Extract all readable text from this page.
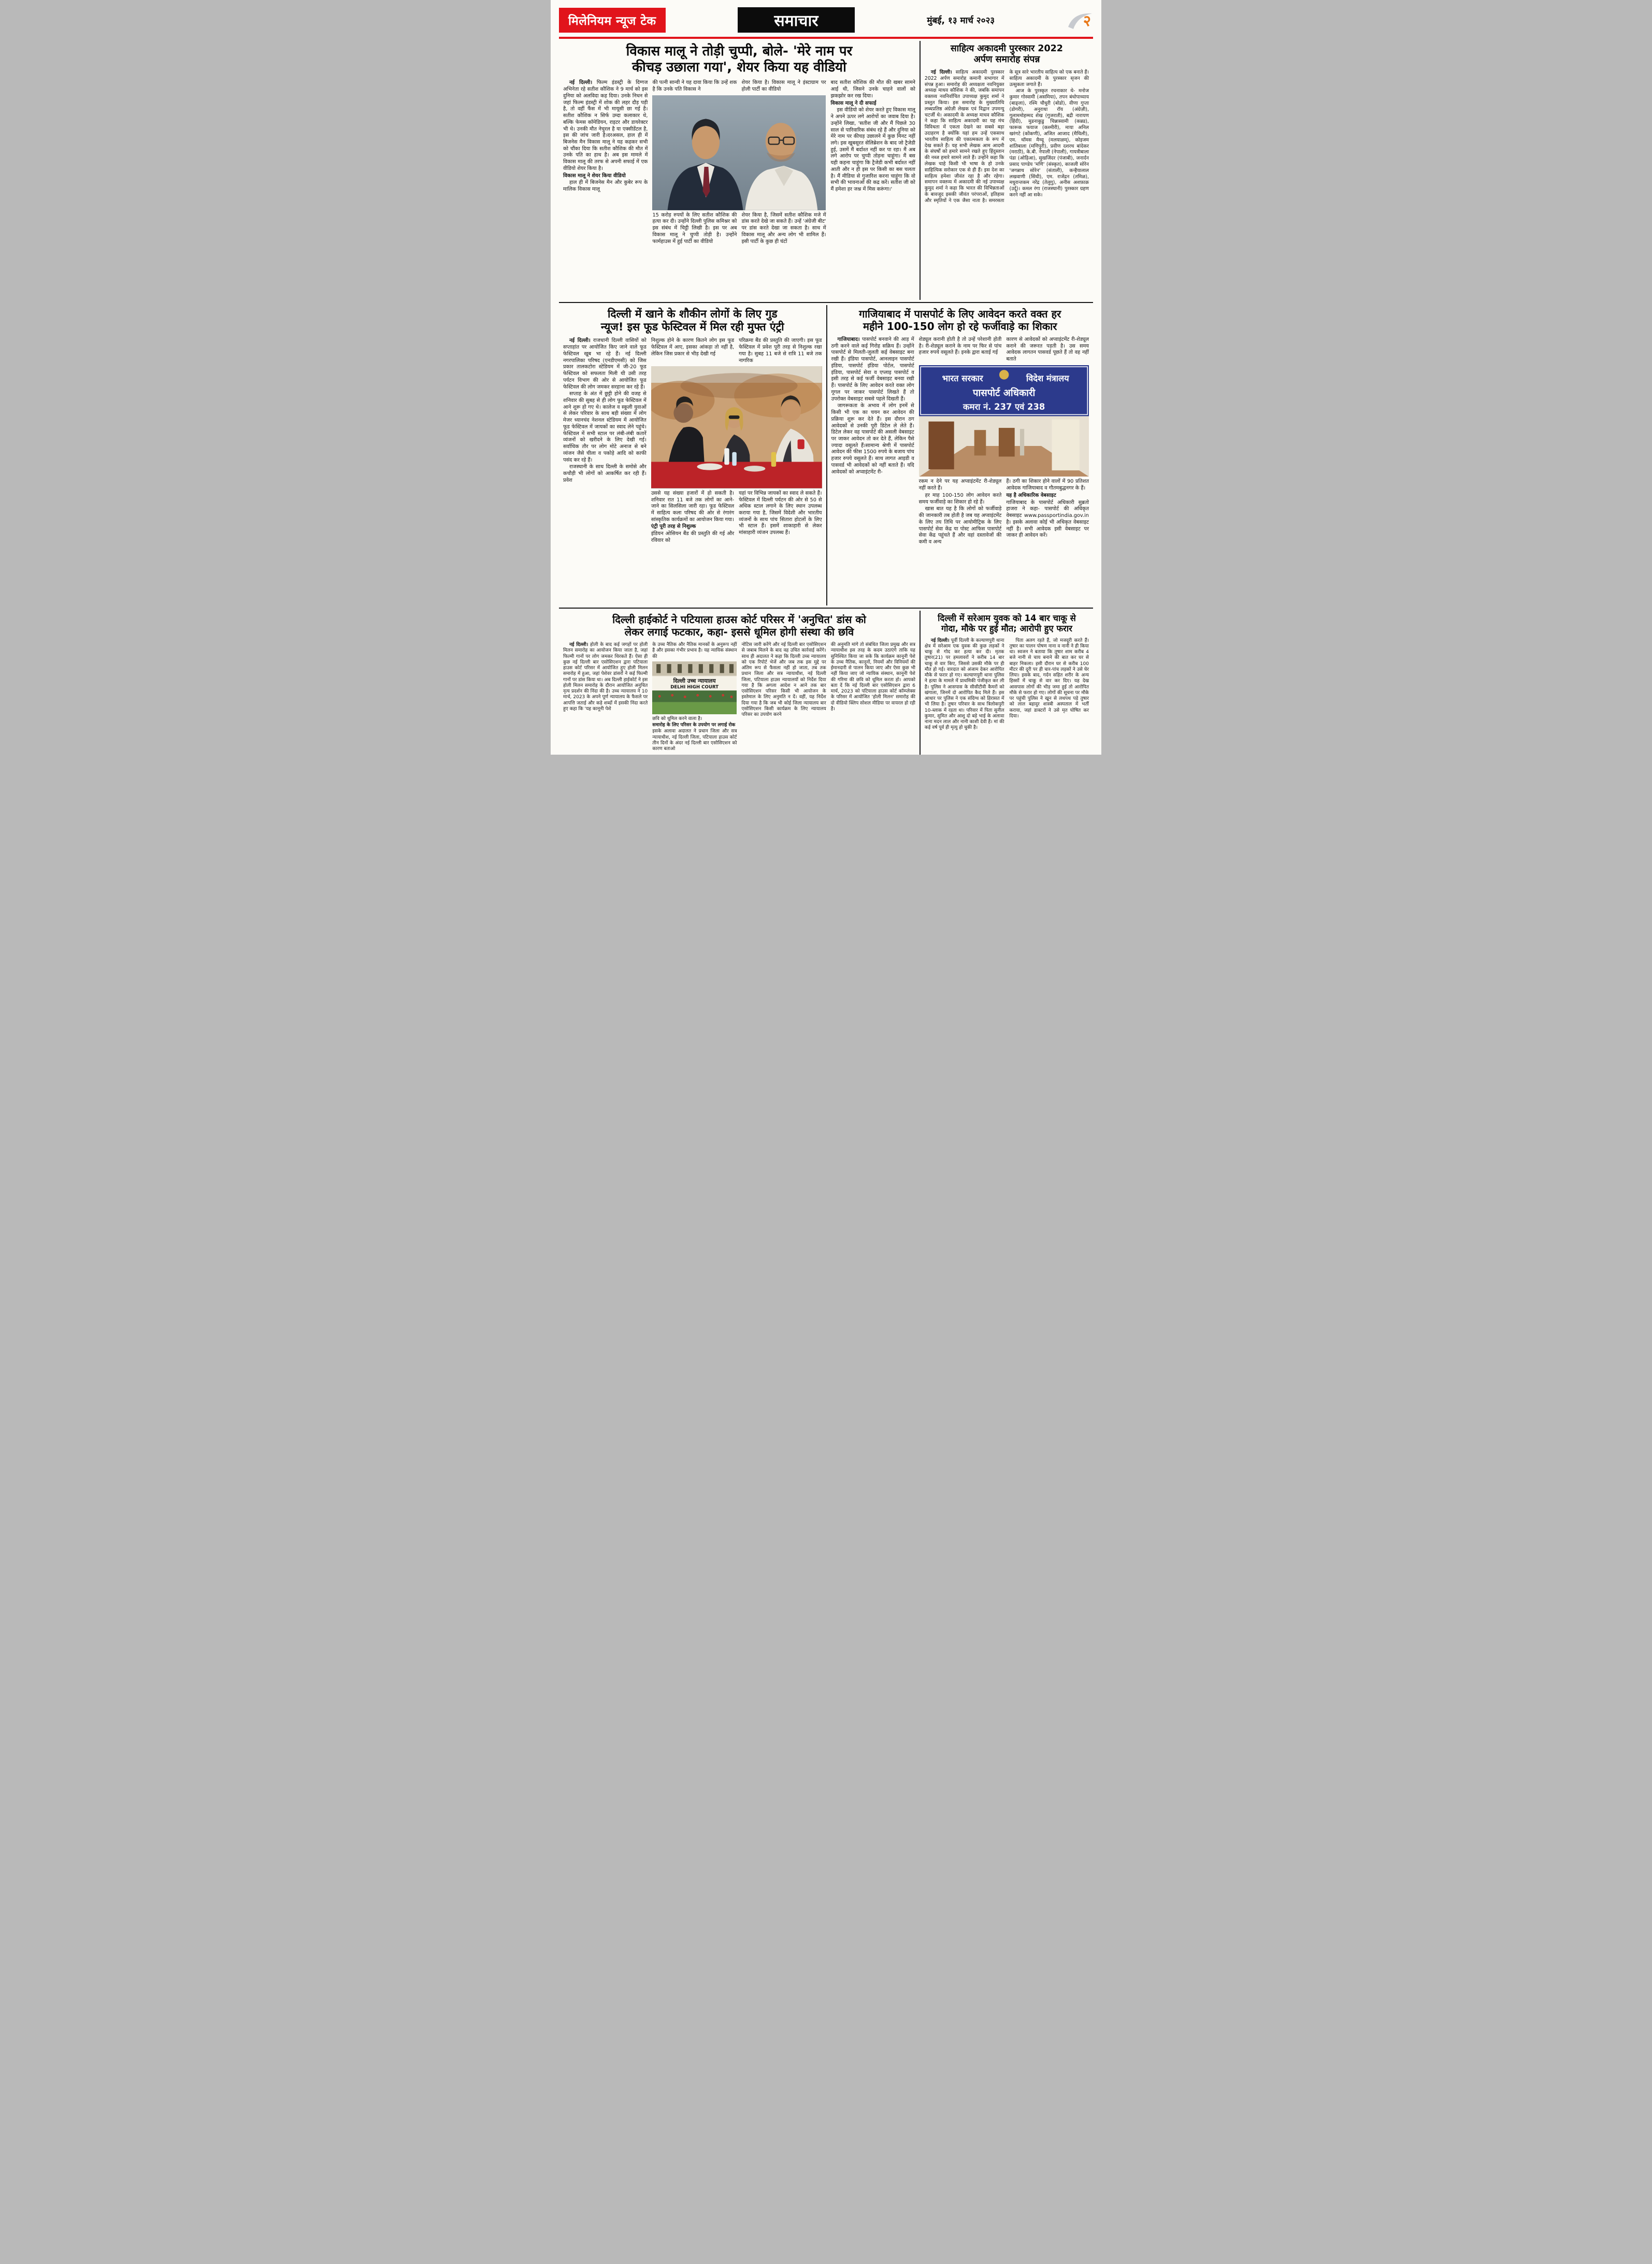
मिलेनियम न्यूज टेक	समाचार	मुंबई, १३ मार्च २०२३	२
विकास मालू ने तोड़ी चुप्पी, बोले- 'मेरे नाम पर
कीचड़ उछाला गया', शेयर किया यह वीडियो

नई दिल्ली। फिल्म इंडस्ट्री के दिग्गज अभिनेता रहे सतीश कौशिक ने 9 मार्च को इस दुनिया को अलविदा कह दिया। उनके निधन से जहां फिल्म इंडस्ट्री में शोक की लहर दौड़ पड़ी है, तो वहीं फैंस में भी मायूसी छा गई है। सतीश कौशिक न सिर्फ उम्दा कलाकार थे, बल्कि फेमस कॉमेडियन, राइटर और डायरेक्टर भी थे। उनकी मौत नेचुरल है या एक्सीडेंटल है, इस की जांच जारी है।दरअसल, हाल ही में बिजनेस मैन विकास मालू ने यह कहकर सभी को चौंका दिया कि सतीश कौशिक की मौत में उनके पति का हाथ है। अब इस मामले में विकास मालू की तरफ से अपनी सफाई में एक वीडियो शेयर किया है।

विकास मालू ने शेयर किया वीडियो

हाल ही में बिजनेस मैन और कुबेर रूप के मालिक विकास मालू

की पत्नी सान्वी ने यह दावा किया कि उन्हें शक है कि उनके पति विकास ने

शेयर किया है। विकास मालू ने इंस्टाग्राम पर होली पार्टी का वीडियो

15 करोड़ रुपयों के लिए सतीश कौशिक की हत्या कर दी। उन्होंने दिल्ली पुलिस कमिश्नर को इस संबंध में चिट्ठी लिखी है। इस पर अब विकास मालू ने चुप्पी तोड़ी है। उन्होंने फार्महाउस में हुई पार्टी का वीडियो

शेयर किया है, जिसमें सतीश कौशिक मजे में डांस करते देखे जा सकते हैं। उन्हें 'अंग्रेजी बीट' पर डांस करते देखा जा सकता है। साथ में विकास मालू और अन्य लोग भी शामिल हैं। इसी पार्टी के कुछ ही घंटों

बाद सतीश कौशिक की मौत की खबर सामने आई थी, जिसने उनके चाहने वालों को झकझोर कर रख दिया।

विकास मालू ने दी सफाई

इस वीडियो को शेयर करते हुए विकास मालू ने अपने ऊपर लगे आरोपों का जवाब दिया है। उन्होंने लिखा, 'सतीश जी और मैं पिछले 30 साल से पारिवारिक संबंध रहे हैं और दुनिया को मेरे नाम पर कीचड़ उछालने में कुछ मिनट नहीं लगे। इस खूबसूरत सेलिब्रेशन के बाद जो ट्रैजेडी हुई, उसमें मैं बर्दाश्त नहीं कर पा रहा। मैं अब लगे आरोप पर चुप्पी तोड़ना चाहूंगा। मैं बस यही कहना चाहूंगा कि ट्रैजेडी कभी बर्दाश्त नहीं आती और न ही इस पर किसी का बस चलता है। मैं मीडिया से गुजारिश करना चाहूंगा कि वो सभी की भावनाओं की कद्र करें। सतीश जी को मैं हमेशा हर जश्न में मिस करूंगा।'

साहित्य अकादमी पुरस्कार 2022
अर्पण समारोह संपन्न

नई दिल्ली। साहित्य अकादमी पुरस्कार 2022 अर्पण समारोह कमानी सभागार में संपन्न हुआ। समारोह की अध्यक्षता नवनियुक्त अध्यक्ष माधव कौशिक ने की, जबकि समापन वक्तव्य नवनिर्वाचित उपाध्यक्ष कुमुद शर्मा ने प्रस्तुत किया। इस समारोह के मुख्यातिथि लब्धप्रतिष्ठ अंग्रेज़ी लेखक एवं विद्वान उपमन्यु चटर्जी थे। अकादमी के अध्यक्ष माधव कौशिक ने कहा कि साहित्य अकादमी का यह मंच विविधता में एकता देखने का सबसे बड़ा उदाहरण है क्योंकि यहां हम उन्हें एकसाथ भारतीय साहित्य की एकात्मकता के रूप में देख सकते हैं। यह सभी लेखक आम आदमी के संघर्षों को हमारे सामने रखते हुए हिंदुस्तान की नब्ज हमारे सामने लाते हैं। उन्होंने कहा कि लेखक चाहे किसी भी भाषा के हो उनके साहित्यिक सरोकार एक से ही हैं। इस देश का साहित्य हमेशा जीवंत रहा है और रहेगा। समापन वक्तव्य में अकादमी की नई उपाध्यक्ष कुमुद शर्मा ने कहा कि भारत की विभिन्नताओं के बावजूद इसकी जीवंत परंपराओं, इतिहास और स्मृतियों ने एक जैसा नाता है। समरसता के सूत्र सारे भारतीय साहित्य को एक बनाते हैं। साहित्य अकादमी के पुरस्कार सृजन की उत्सुकता जगाते हैं।

आज के पुरस्कृत रचनाकार थे- मनोज कुमार गोस्वामी (असमिया), तपन बंधोपाध्याय (बाङ्ला), रश्मि चौधुरी (बोडो), वीणा गुप्ता (डोगरी), अनुराधा रॉय (अंग्रेज़ी), गुलाममोहम्मद शेख (गुजराती), बद्री नारायण (हिंदी), मुडनाकुडु चिन्नास्वामी (कन्नड), फारूक फयाज (कश्मीरी), माया अनिल खरंगटे (कोंकणी), अजित आजाद (मैथिली), एम. थॉमस मैथ्यू (मलयाळम्), कोइजम शांतिबाला (मणिपुरी), प्रवीण दशरथ बांदेकर (मराठी), के.बी. नेपाली (नेपाली), गायत्रीबाला पंडा (ओड़िआ), सुखजिंदर (पंजाबी), जनार्दन प्रसाद पाण्डेय 'मणि' (संस्कृत), काजली सोरेन 'जगन्नाथ सोरेन' (संताली), कन्हैयालाल लखवाणी (सिंधी), एम. राजेंद्रन (तमिळ), मधुरान्तकम नरेंद्र (तेलुगु), अनीस अशफ़ाक़ (उर्दू)। कमल रंगा (राजस्थानी) पुरस्कार ग्रहण करने नहीं आ सके।

दिल्ली में खाने के शौकीन लोगों के लिए गुड
न्यूज! इस फूड फेस्टिवल में मिल रही मुफ्त एंट्री

नई दिल्ली। राजधानी दिल्ली वासियों को सप्ताहांत पर आयोजित किए जाने वाले फूड फेस्टिवल खूब भा रहे हैं। नई दिल्ली नगरपालिका परिषद (एनडीएमसी) को जिस प्रकार तालकटोरा स्टेडियम में जी-20 फूड फेस्टिवल को सफलता मिली थी उसी तरह पर्यटन विभाग की ओर से आयोजित फूड फेस्टिवल की लोग जमकर सरहाना कर रहे हैं।

सप्ताह के अंत में छुट्टी होने की वजह से शनिवार की सुबह से ही लोग फूड फेस्टिवल में आने शुरू हो गए थे। कालेज व स्कूली युवाओं से लेकर परिवार के साथ बड़ी संख्या में लोग मेजर ध्यानचंद नेशनल स्टेडियम में आयोजित फूड फेस्टिवल में जायकों का स्वाद लेने पहुंचे। फेस्टिवल में सभी स्टाल पर लंबी-लंबी कतारें व्यंजनों को खरीदने के लिए देखी गई। सर्वाधिक तौर पर लोग मोटे अनाज से बने व्यंजन जैसे चीला व पकोड़े आदि को काफी पसंद कर रहे हैं।

राजस्थानी के साथ दिल्ली के समोसे और कचौड़ी भी लोगों को आकर्षित कर रही हैं। प्रवेश

निशुल्क होने के कारण कितने लोग इस फूड फेस्टिवल में आए, इसका आंकड़ा तो नहीं है, लेकिन जिस प्रकार से भीड़ देखी गई

परिक्रमा बैंड की प्रस्तुति की जाएगी। इस फूड फेस्टिवल में प्रवेश पूरी तरह से निशुल्क रखा गया है। सुबह 11 बजे से रात्रि 11 बजे तक नागरिक

उससे यह संख्या हजारों में हो सकती है। शनिवार रात 11 बजे तक लोगों का आने-जाने का सिलसिला जारी रहा। फूड फेस्टिवल में साहित्य कला परिषद की ओर से रंगारंग सांस्कृतिक कार्यक्रमों का आयोजन किया गया।

एंट्री पूरी तरह से निशुल्क

इंडियन ओसियन बैंड की प्रस्तुति की गई और रविवार को

यहां पर विभिन्न जायकों का स्वाद ले सकते हैं। फेस्टिवल में दिल्ली पर्यटन की ओर से 50 से अधिक स्टाल लगाने के लिए स्थान उपलब्ध कराया गया है, जिसमें विदेशी और भारतीय व्यंजनों के साथ पांच सितारा होटलों के लिए भी स्टाल हैं। इसमें शाकाहारी से लेकर मांसाहारी व्यंजन उपलब्ध हैं।

गाजियाबाद में पासपोर्ट के लिए आवेदन करते वक्त हर
महीने 100-150 लोग हो रहे फर्जीवाड़े का शिकार

गाजियाबाद। पासपोर्ट बनवाने की आड़ में ठगी करने वाले कई गिरोह सक्रिय हैं। उन्होंने पासपोर्ट से मिलती-जुलती कई वेबसाइट बना रखी हैं। इंडिया पासपोर्ट, आनलाइन पासपोर्ट इंडिया, पासपोर्ट इंडिया पोर्टल, पासपोर्ट इंडिया, पासपोर्ट सेवा व एप्लाइ पासपोर्ट व इसी तरह से कई फर्जी वेबसाइट बनवा रखी हैं। पासपोर्ट के लिए आवेदन करते वक्त लोग गूगल पर जाकर पासपोर्ट लिखते हैं तो उपरोक्त वेबसाइट सबसे पहले दिखती हैं।

जागरूकता के अभाव में लोग इनमें से किसी भी एक का चयन कर आवेदन की प्रक्रिया शुरू कर देते हैं। इस दौरान ठग आवेदकों से उनकी पूरी डिटेल ले लेते हैं। डिटेल लेकर वह पासपोर्ट की असली वेबसाइट पर जाकर आवेदन तो कर देते हैं, लेकिन पैसे ज्यादा वसूलते हैं।सामान्य श्रेणी में पासपोर्ट आवेदन की फीस 1500 रुपये के बजाय पांच हजार रुपये वसूलते हैं। साथ लागत आइडी व पासवर्ड भी आवेदकों को नहीं बताते हैं। यदि आवेदकों को अप्वाइंटमेंट री-

शेड्यूल करानी होती है तो उन्हें परेशानी होती है। री-शेड्यूल कराने के नाम पर फिर से पांच हजार रुपये वसूलते हैं। इनके द्वारा बताई गई

कारण से आवेदकों को अप्वाइंटमेंट री-शेड्यूल कराने की जरूरत पड़ती है। उस समय आवेदक लागतन पासवर्ड पूछते हैं तो वह नहीं बताते

भारत सरकार	विदेश मंत्रालय
पासपोर्ट अधिकारी
कमरा नं. 237 एवं 238

रकम न देने पर यह अप्वाइंटमेंट री-शेड्यूल नहीं करते हैं।

हर माह 100-150 लोग आवेदन करते समय फर्जीवाड़े का शिकार हो रहे हैं।

खास बात यह है कि लोगों को फर्जीवाड़े की जानकारी तब होती है जब यह अप्वाइंटमेंट के लिए तय तिथि पर आयोमीट्रिक के लिए पासपोर्ट सेवा केंद्र या पोस्ट आफिस पासपोर्ट सेवा केंद्र पहुंचते हैं और वहां दस्तावेजों की कमी व अन्य

हैं। ठगी का शिकार होने वालों में 90 प्रतिशत आवेदक गाजियाबाद व गौतमबुद्धनगर के हैं।

यह है अधिकारिक वेबसाइट

गाजियाबाद के पासपोर्ट अधिकारी सुब्रतो हाजरा ने कहा- पासपोर्ट की अधिकृत वेबसाइट www.passportindia.gov.in है। इसके अलावा कोई भी अधिकृत वेबसाइट नहीं है। सभी आवेदक इसी वेबसाइट पर जाकर ही आवेदन करें।

दिल्ली हाईकोर्ट ने पटियाला हाउस कोर्ट परिसर में 'अनुचित' डांस को
लेकर लगाई फटकार, कहा- इससे धूमिल होगी संस्था की छवि

नई दिल्ली। होली के बाद कई जगहों पर होली मिलन समारोह का आयोजन किया जाता है, जहां फिल्मी गानों पर लोग जमकर थिरकते हैं। ऐसा ही कुछ नई दिल्ली बार एसोसिएशन द्वारा पटियाला हाउस कोर्ट परिसर में आयोजित हुए होली मिलन समारोह में हुआ, जहां पेशेवर डांसरों ने कई फिल्मी गानों पर डांस किया था। अब दिल्ली हाईकोर्ट ने इस होली मिलन समारोह के दौरान आयोजित अनुचित नृत्य प्रदर्शन की निंदा की है। उच्च न्यायालय ने 10 मार्च, 2023 के अपने पूर्ण न्यायालय के फैसले पर आपत्ति जताई और कड़े शब्दों में इसकी निंदा करते हुए कहा कि 'यह कानूनी पेशे

के उच्च नैतिक और नैतिक मानकों के अनुरूप नहीं है और इसका गंभीर प्रभाव है। यह न्यायिक संस्थान की

दिल्ली उच्च न्यायालय
DELHI HIGH COURT

छवि को धूमिल करने वाला है।

समारोह के लिए परिसर के उपयोग पर लगाई रोक

इसके अलावा अदालत ने प्रधान जिला और सत्र न्यायाधीश, नई दिल्ली जिला, पटियाला हाउस कोर्ट तीन दिनों के अंदर नई दिल्ली बार एसोसिएशन को कारण बताओ

नोटिस जारी करेंगे और नई दिल्ली बार एसोसिएशन से जबाब मिलने के बाद वह उचित कार्रवाई करेंगे। साथ ही अदालत ने कहा कि दिल्ली उच्च न्यायालय को एक रिपोर्ट भेजें और जब तक इस मुद्दे पर अंतिम रूप से फैसला नहीं हो जाता, तब तक प्रधान जिला और सत्र न्यायाधीश, नई दिल्ली जिला, पटियाला हाउस न्यायालयों को निर्देश दिया गया है कि अगला आदेश न आने तक बार एसोसिएशन परिसर किसी भी आयोजन के इस्तेमाल के लिए अनुमति न दें। वहीं, यह निर्देश दिया गया है कि जब भी कोई जिला न्यायालय बार एसोसिएशन किसी कार्यक्रम के लिए न्यायालय परिसर का उपयोग करने

की अनुमति मांगे तो संबंधित जिला प्रमुख और सत्र न्यायाधीश इस तरह के कदम उठाएंगे ताकि यह सुनिश्चित किया जा सके कि कार्यक्रम कानूनी पेशे के उच्च नैतिक, कानूनों, नियमों और विनियमों की ईमानदारी से पालन किया जाए और ऐसा कुछ भी नहीं किया जाए जो न्यायिक संस्थान, कानूनी पेशे की गरिमा की छवि को धूमिल करता हो। आपको बता दें कि नई दिल्ली बार एसोसिएशन द्वारा 6 मार्च, 2023 को पटियाला हाउस कोर्ट कॉम्प्लेक्स के परिसर में आयोजित 'होली मिलन' समारोह की दो वीडियो क्लिप सोशल मीडिया पर वायरल हो रही है।

दिल्ली में सरेआम युवक को 14 बार चाकू से
गोदा, मौके पर हुई मौत; आरोपी हुए फरार

नई दिल्ली। पूर्वी दिल्ली के कल्याणपुरी थाना क्षेत्र में सरेआम एक युवक की कुछ लड़कों ने चाकू से गोद कर हत्या कर दी। मृतक तुषार(21) पर हमलावरों ने करीब 14 बार चाकू से वार किए, जिससे उसकी मौके पर ही मौत हो गई। वारदात को अंजाम देकर आरोपित मौके से फरार हो गए। कल्याणपुरी थाना पुलिस ने हत्या के मामले में प्राथमिकी पंजीकृत कर ली है। पुलिस ने आसपास के सीसीटीवी कैमरों को खंगाला, जिनमें दो आरोपित कैद मिले हैं। इस आधार पर पुलिस ने एक संदिग्ध को हिरासत में भी लिया है। तुषार परिवार के साथ त्रिलोकपुरी 10-ब्लाक में रहता था। परिवार में पिता सुनील कुमार, सुमित और आशु दो बड़े भाई के अलावा नाना मदन लाल और नानी काशी देवी हैं। मां की कई वर्ष पूर्व ही मृत्यु हो चुकी है।

पिता अलग रहते हैं, जो मजदूरी करते हैं। तुषार का पालन पोषण नाना व नानी ने ही किया था। स्वजन ने बताया कि तुषार शाम करीब 4 बजे नानी से चाय बनाने की बात कर घर से बाहर निकला। इसी दौरान घर से करीब 100 मीटर की दूरी पर ही चार-पांच लड़कों ने उसे घेर लिया। इसके बाद, गर्दन सहित शरीर के अन्य हिस्सों में चाकू से वार कर दिए। यह देख आसपास लोगों की भीड़ जमा हुई तो आरोपित मौके से फरार हो गए। लोगों की सूचना पर मौके पर पहुंची पुलिस ने खून से लथपथ पड़े तुषार को लाल बहादुर शास्त्री अस्पताल में भर्ती कराया, जहां डाक्टरों ने उसे मृत घोषित कर दिया।
